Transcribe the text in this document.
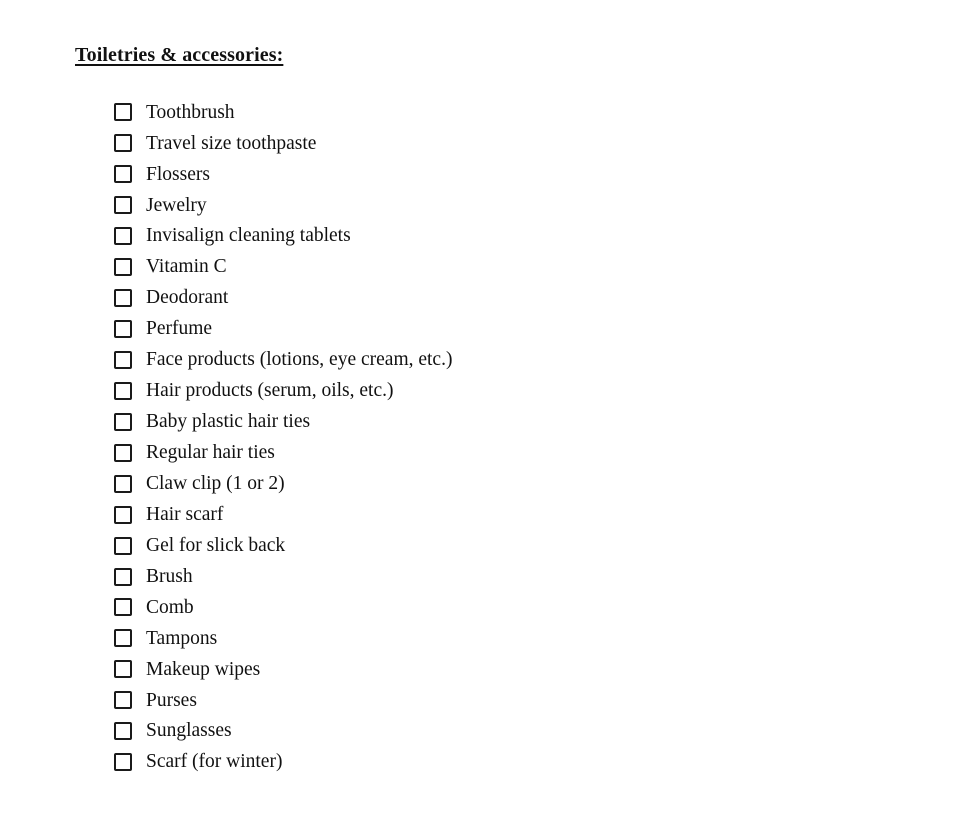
Toiletries & accessories:
Toothbrush
Travel size toothpaste
Flossers
Jewelry
Invisalign cleaning tablets
Vitamin C
Deodorant
Perfume
Face products (lotions, eye cream, etc.)
Hair products (serum, oils, etc.)
Baby plastic hair ties
Regular hair ties
Claw clip (1 or 2)
Hair scarf
Gel for slick back
Brush
Comb
Tampons
Makeup wipes
Purses
Sunglasses
Scarf (for winter)
